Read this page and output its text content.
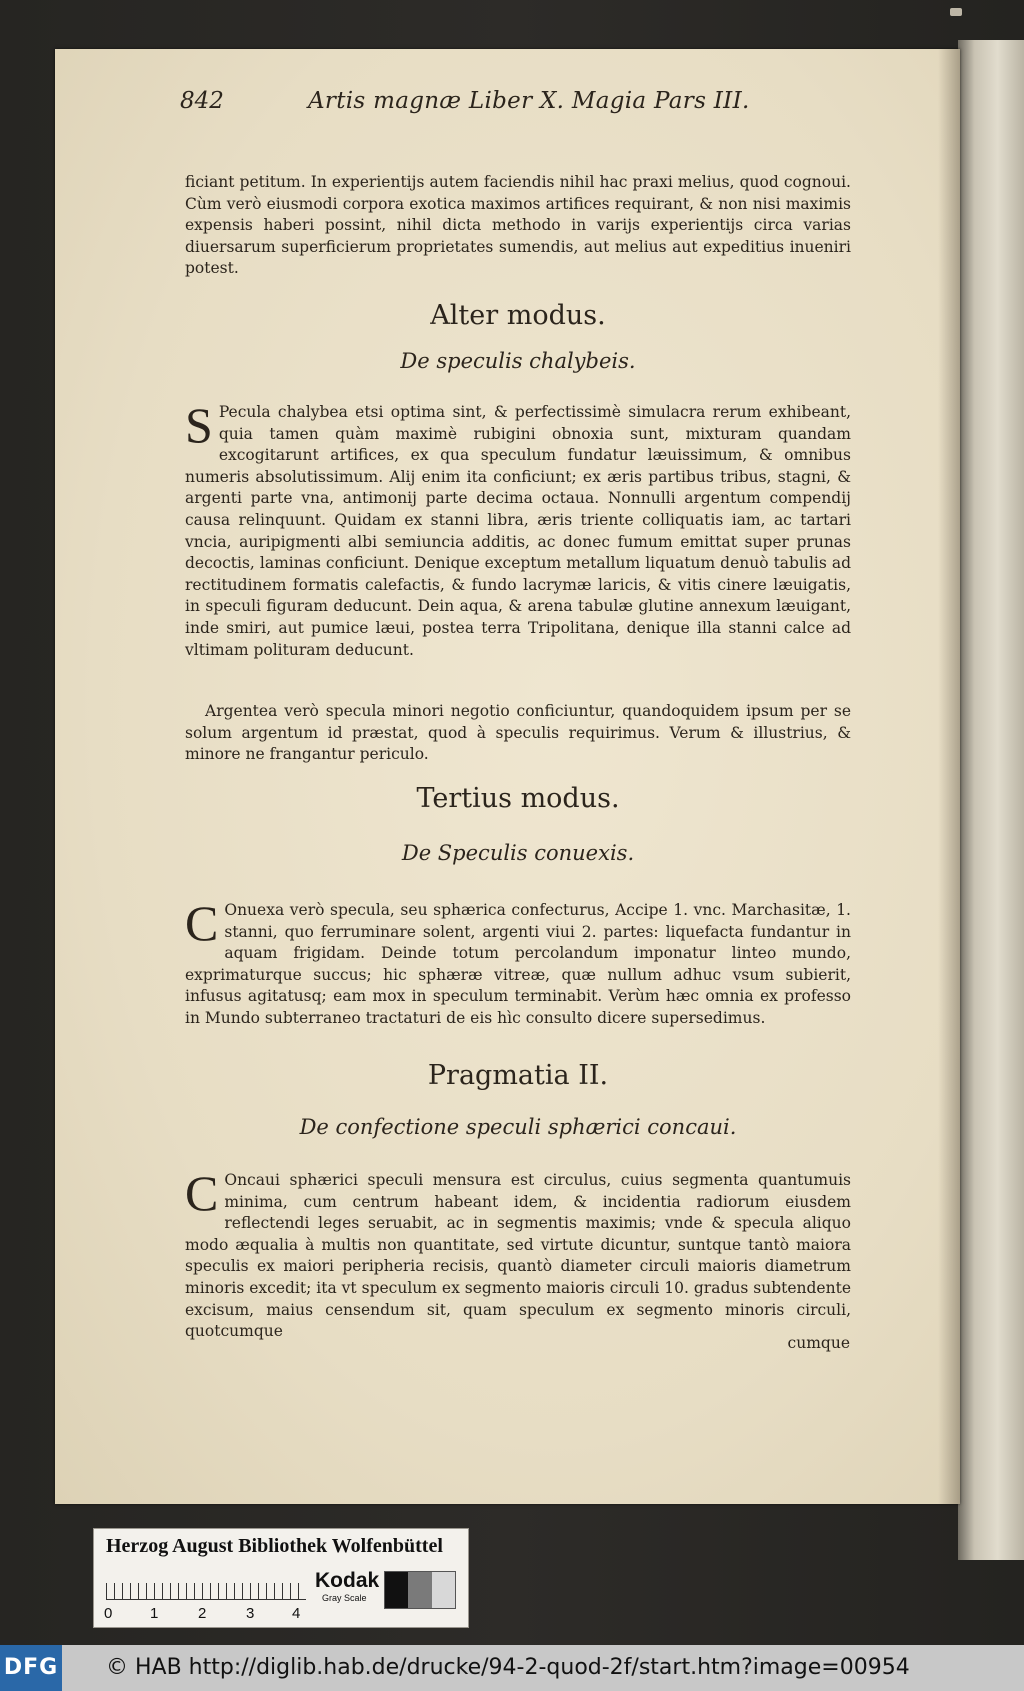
842	Artis magnæ Liber X. Magia Pars III.
ficiant petitum. In experientijs autem faciendis nihil hac praxi melius, quod cognoui. Cùm verò eiusmodi corpora exotica maximos artifices requirant, & non nisi maximis expensis haberi possint, nihil dicta methodo in varijs experientijs circa varias diuersarum superficierum proprietates sumendis, aut melius aut expeditius inueniri potest.
Alter modus.
De speculis chalybeis.
S Pecula chalybea etsi optima sint, & perfectissimè simulacra rerum exhibeant, quia tamen quàm maximè rubigini obnoxia sunt, mixturam quandam excogitarunt artifices, ex qua speculum fundatur læuissimum, & omnibus numeris absolutissimum. Alij enim ita conficiunt; ex æris partibus tribus, stagni, & argenti parte vna, antimonij parte decima octaua. Nonnulli argentum compendij causa relinquunt. Quidam ex stanni libra, æris triente colliquatis iam, ac tartari vncia, auripigmenti albi semiuncia additis, ac donec fumum emittat super prunas decoctis, laminas conficiunt. Denique exceptum metallum liquatum denuò tabulis ad rectitudinem formatis calefactis, & fundo lacrymæ laricis, & vitis cinere læuigatis, in speculi figuram deducunt. Dein aqua, & arena tabulæ glutine annexum læuigant, inde smiri, aut pumice læui, postea terra Tripolitana, denique illa stanni calce ad vltimam polituram deducunt.
Argentea verò specula minori negotio conficiuntur, quandoquidem ipsum per se solum argentum id præstat, quod à speculis requirimus. Verum & illustrius, & minore ne frangantur periculo.
Tertius modus.
De Speculis conuexis.
C Onuexa verò specula, seu sphærica confecturus, Accipe 1. vnc. Marchasitæ, 1. stanni, quo ferruminare solent, argenti viui 2. partes: liquefacta fundantur in aquam frigidam. Deinde totum percolandum imponatur linteo mundo, exprimaturque succus; hic sphæræ vitreæ, quæ nullum adhuc vsum subierit, infusus agitatusq; eam mox in speculum terminabit. Verùm hæc omnia ex professo in Mundo subterraneo tractaturi de eis hìc consulto dicere supersedimus.
Pragmatia II.
De confectione speculi sphærici concaui.
C Oncaui sphærici speculi mensura est circulus, cuius segmenta quantumuis minima, cum centrum habeant idem, & incidentia radiorum eiusdem reflectendi leges seruabit, ac in segmentis maximis; vnde & specula aliquo modo æqualia à multis non quantitate, sed virtute dicuntur, suntque tantò maiora speculis ex maiori peripheria recisis, quantò diameter circuli maioris diametrum minoris excedit; ita vt speculum ex segmento maioris circuli 10. gradus subtendente excisum, maius censendum sit, quam speculum ex segmento minoris circuli, quotcumque
cumque
Herzog August Bibliothek Wolfenbüttel
0	1	2	3	4
Kodak
Gray Scale
DFG © HAB http://diglib.hab.de/drucke/94-2-quod-2f/start.htm?image=00954
